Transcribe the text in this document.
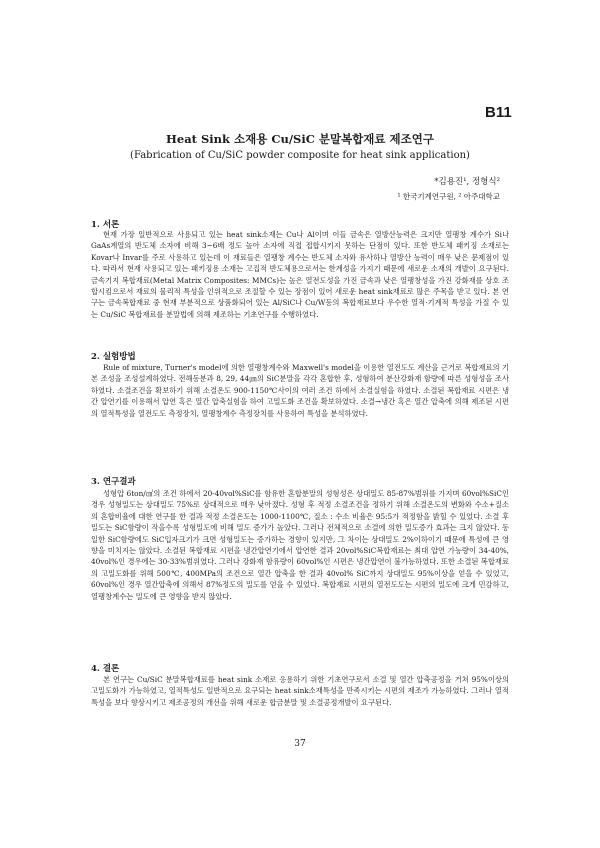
B11
Heat Sink 소재용 Cu/SiC 분말복합재료 제조연구
(Fabrication of Cu/SiC powder composite for heat sink application)
*김용진¹, 정형식²
¹ 한국기계연구원, ² 아주대학교
1. 서론

현재 가장 일반적으로 사용되고 있는 heat sink소재는 Cu나 Al이며 이들 금속은 열방산능력은 크지만 열팽창 계수가 Si나 GaAs계열의 반도체 소자에 비해 3~6배 정도 높아 소자에 직접 접합시키지 못하는 단점이 있다. 또한 반도체 패키징 소재로는 Kovar나 Invar를 주로 사용하고 있는데 이 재료들은 열팽창 계수는 반도체 소자와 유사하나 열방산 능력이 매우 낮은 문제점이 있다. 따라서 현재 사용되고 있는 패키징용 소재는 고집적 반도체용으로서는 한계성을 가지기 때문에 새로운 소재의 개발이 요구된다. 금속기지 복합재료(Metal Matrix Composites: MMCs)는 높은 열전도성을 가진 금속과 낮은 열팽창성을 가진 강화재를 상호 조합시킴으로서 재료의 물리적 특성을 인위적으로 조절할 수 있는 장점이 있어 새로운 heat sink재료로 많은 주목을 받고 있다. 본 연구는 금속복합재료 중 현재 부분적으로 상품화되어 있는 Al/SiC나 Cu/W등의 복합재료보다 우수한 열적·기계적 특성을 가질 수 있는 Cu/SiC 복합재료를 분말법에 의해 제조하는 기초연구를 수행하였다.

2. 실험방법

Rule of mixture, Turner's model에 의한 열팽창계수와 Maxwell's model을 이용한 열전도도 계산을 근거로 복합재료의 기본 조성을 조성설계하였다. 전해동분과 8, 29, 44㎛의 SiC분말을 각각 혼합한 후, 성형하여 분산강화재 함량에 따른 성형성을 조사하였다. 소결조건을 확보하기 위해 소결온도 900-1150℃사이의 여러 조건 하에서 소결실험을 하였다. 소결된 복합재료 시편은 냉간 압연기를 이용해서 압연 혹은 열간 압축실험을 하여 고밀도화 조건을 확보하였다. 소결→냉간 혹은 열간 압축에 의해 제조된 시편의 열적특성을 열전도도 측정장치, 열팽창계수 측정장치를 사용하여 특성을 분석하였다.

3. 연구결과

성형압 6ton/㎠의 조건 하에서 20-40vol%SiC를 함유한 혼합분말의 성형성은 상대밀도 85-87%범위를 가지며 60vol%SiC인 경우 성형밀도는 상대밀도 75%로 상대적으로 매우 낮아졌다. 성형 후 적정 소결조건을 정하기 위해 소결온도의 변화와 수소+질소의 혼합비율에 대한 연구를 한 결과 적정 소결온도는 1000-1100℃, 질소 : 수소 비율은 95:5가 적정함을 밝힐 수 있었다. 소결 후 밀도는 SiC함량이 작을수록 성형밀도에 비해 밀도 증가가 높았다. 그러나 전체적으로 소결에 의한 밀도증가 효과는 크지 않았다. 동일한 SiC함량에도 SiC입자크기가 크면 성형밀도는 증가하는 경향이 있지만, 그 차이는 상대밀도 2%이하이기 때문에 특성에 큰 영향을 미치지는 않았다. 소결된 복합재료 시편을 냉간압연기에서 압연한 결과 20vol%SiC복합재료는 최대 압연 가능량이 34-40%, 40vol%인 경우에는 30-33%범위였다. 그러나 강화재 함유량이 60vol%인 시편은 냉간압연이 불가능하였다. 또한 소결된 복합재료의 고밀도화를 위해 500℃, 400MPa의 조건으로 열간 압축을 한 결과 40vol% SiC까지 상대밀도 95%이상을 얻을 수 있었고, 60vol%인 경우 열간압축에 의해서 87%정도의 밀도를 얻을 수 있었다. 복합재료 시편의 열전도도는 시편의 밀도에 크게 민감하고, 열팽창계수는 밀도에 큰 영향을 받지 않았다.

4. 결론

본 연구는 Cu/SiC 분말복합재료를 heat sink 소재로 응용하기 위한 기초연구로서 소결 및 열간 압축공정을 거쳐 95%이상의 고밀도화가 가능하였고, 열적특성도 일반적으로 요구되는 heat sink소재특성을 만족시키는 시편의 제조가 가능하였다. 그러나 열적특성을 보다 향상시키고 제조공정의 개선을 위해 새로운 합금분말 및 소결공정개발이 요구된다.

37
